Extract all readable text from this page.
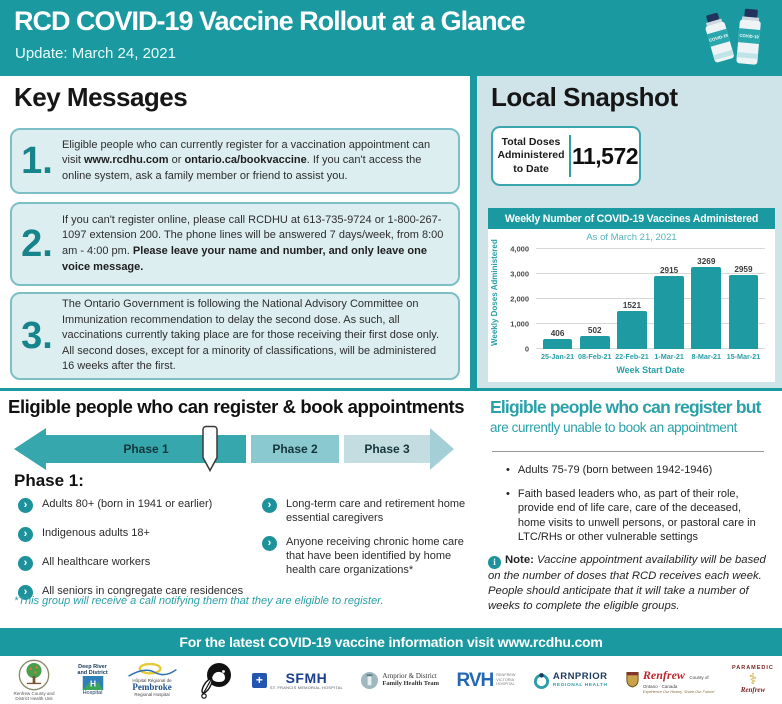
RCD COVID-19 Vaccine Rollout at a Glance
Update: March 24, 2021
COVID-19	COVID-19
Key Messages
1. Eligible people who can currently register for a vaccination appointment can visit www.rcdhu.com or ontario.ca/bookvaccine. If you can't access the online system, ask a family member or friend to assist you.
2.
If you can't register online, please call RCDHU at 613-735-9724 or 1-800-267-1097 extension 200. The phone lines will be answered 7 days/week, from 8:00 am - 4:00 pm. Please leave your name and number, and only leave one voice message.
3.
The Ontario Government is following the National Advisory Committee on Immunization recommendation to delay the second dose. As such, all vaccinations currently taking place are for those receiving their first dose only. All second doses, except for a minority of classifications, will be administered 16 weeks after the first.
Local Snapshot
Total Doses Administered to Date
11,572
Weekly Number of COVID-19 Vaccines Administered
As of March 21, 2021
Weekly Doses Administered
0
1,000
2,000
3,000
4,000
406	502
1521
2915
3269
2959
25-Jan-21 08-Feb-21 22-Feb-21 1-Mar-21	8-Mar-21 15-Mar-21
Week Start Date
Eligible people who can register & book appointments
Phase 1	Phase 2	Phase 3
Phase 1:
›	Adults 80+ (born in 1941 or earlier)
›	Indigenous adults 18+
›	All healthcare workers
›	All seniors in congregate care residences
›	Long-term care and retirement home essential caregivers
›	Anyone receiving chronic home care that have been identified by home health care organizations*
*This group will receive a call notifying them that they are eligible to register.
Eligible people who can register but
are currently unable to book an appointment
• Adults 75-79 (born between 1942-1946)
• Faith based leaders who, as part of their role, provide end of life care, care of the deceased, home visits to unwell persons, or pastoral care in LTC/RHs or other vulnerable settings
i Note: Vaccine appointment availability will be based on the number of doses that RCD receives each week. People should anticipate that it will take a number of weeks to complete the eligible groups.
For the latest COVID-19 vaccine information visit www.rcdhu.com
Renfrew County and District Health Unit
Deep River
and District
H
Hospital
Hôpital Régional de
Pembroke
Regional Hospital
+ SFMH
ST. FRANCIS MEMORIAL HOSPITAL
Arnprior & District
Family Health Team RVH RENFREW
VICTORIA
HOSPITAL
ARNPRIOR
REGIONAL HEALTH
Renfrew County of
Ontario · Canada
Experience Our History, Share Our Future!
PARAMEDIC
⚕
Renfrew
